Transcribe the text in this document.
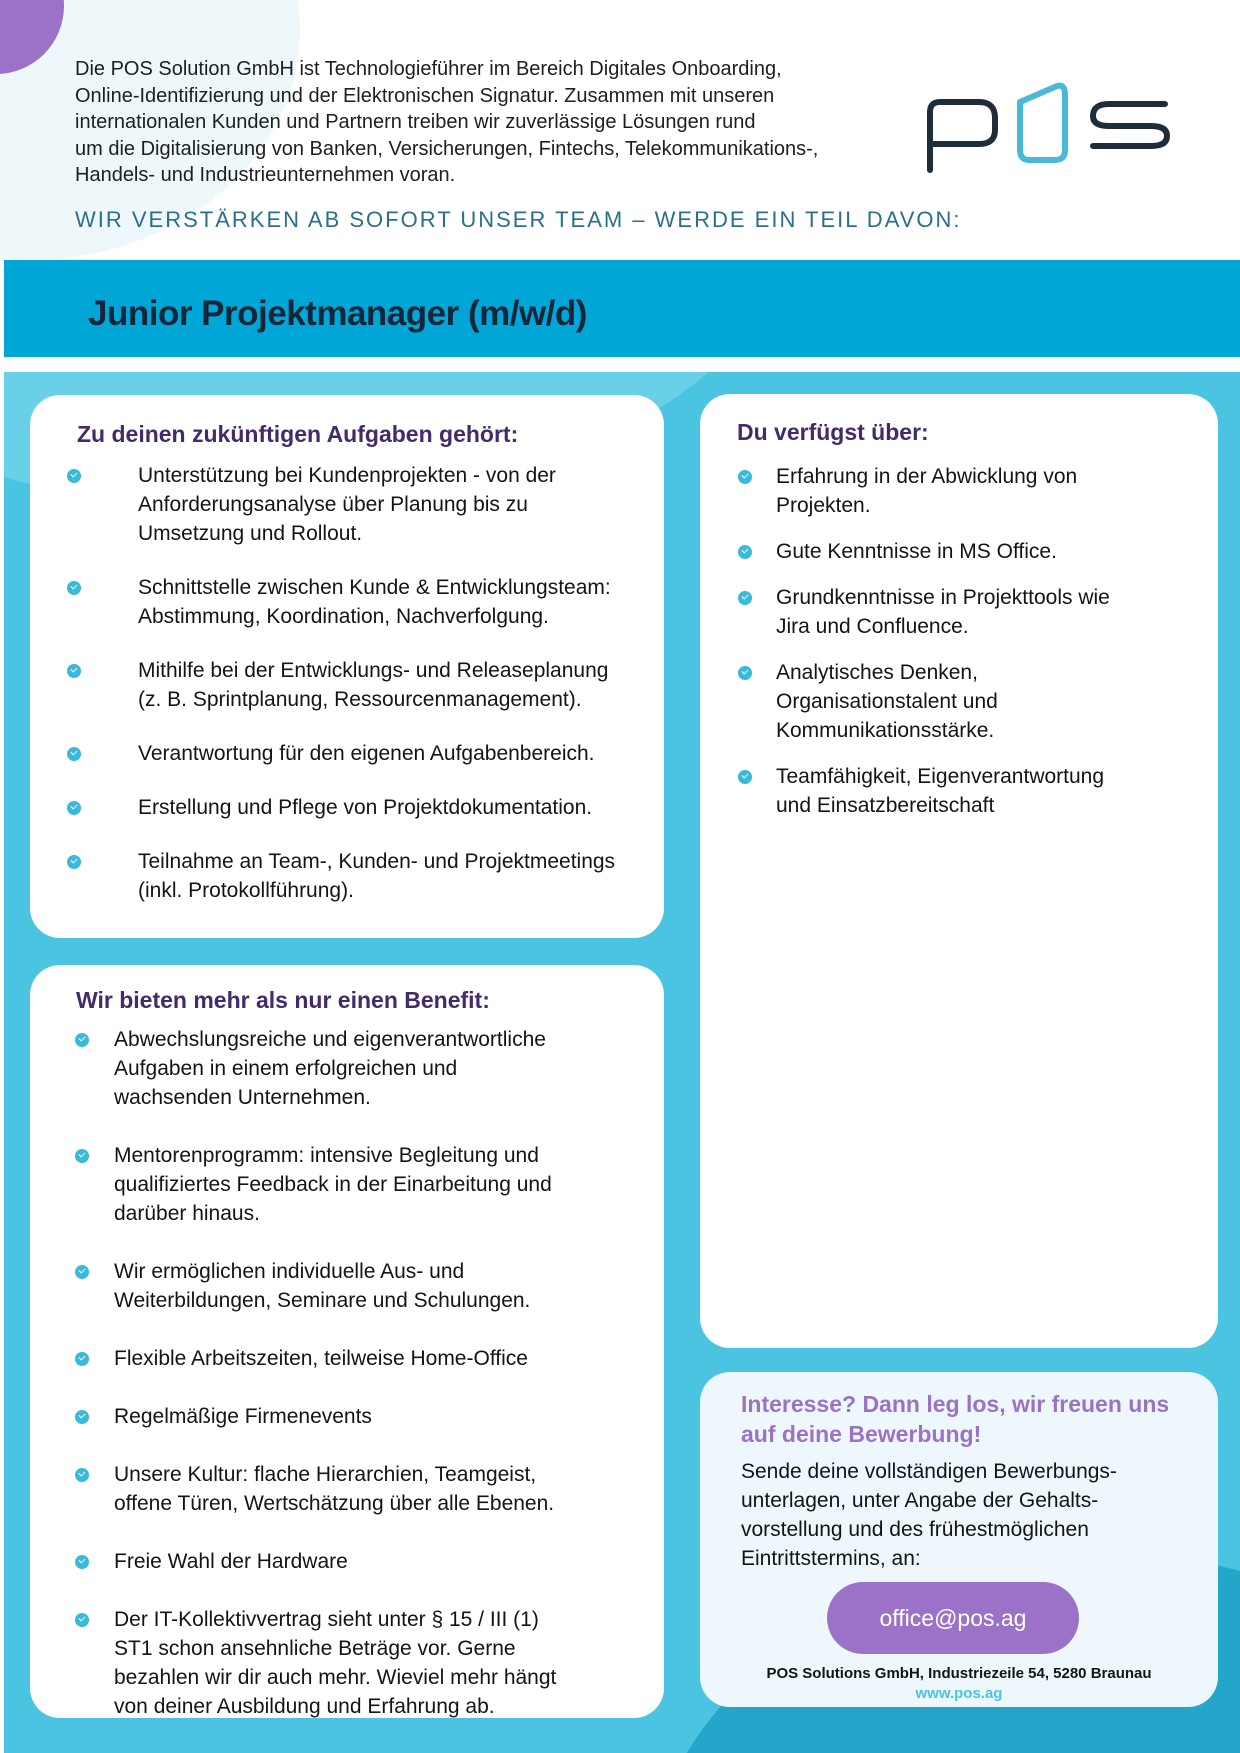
Die POS Solution GmbH ist Technologieführer im Bereich Digitales Onboarding,

Online-Identifizierung und der Elektronischen Signatur. Zusammen mit unseren

internationalen Kunden und Partnern treiben wir zuverlässige Lösungen rund

um die Digitalisierung von Banken, Versicherungen, Fintechs, Telekommunikations-,

Handels- und Industrieunternehmen voran.

WIR VERSTÄRKEN AB SOFORT UNSER TEAM – WERDE EIN TEIL DAVON:
Junior Projektmanager (m/w/d)
Zu deinen zukünftigen Aufgaben gehört:
Unterstützung bei Kundenprojekten ‐ von der
Anforderungsanalyse über Planung bis zu
Umsetzung und Rollout.
Schnittstelle zwischen Kunde & Entwicklungsteam:
Abstimmung, Koordination, Nachverfolgung.
Mithilfe bei der Entwicklungs- und Releaseplanung
(z. B. Sprintplanung, Ressourcenmanagement).
Verantwortung für den eigenen Aufgabenbereich.
Erstellung und Pflege von Projektdokumentation.
Teilnahme an Team-, Kunden- und Projektmeetings
(inkl. Protokollführung).
Du verfügst über:
Erfahrung in der Abwicklung von
Projekten.
Gute Kenntnisse in MS Office.
Grundkenntnisse in Projekttools wie
Jira und Confluence.
Analytisches Denken,
Organisationstalent und
Kommunikationsstärke.
Teamfähigkeit, Eigenverantwortung
und Einsatzbereitschaft
Wir bieten mehr als nur einen Benefit:
Abwechslungsreiche und eigenverantwortliche
Aufgaben in einem erfolgreichen und
wachsenden Unternehmen.
Mentorenprogramm: intensive Begleitung und
qualifiziertes Feedback in der Einarbeitung und
darüber hinaus.
Wir ermöglichen individuelle Aus- und
Weiterbildungen, Seminare und Schulungen.
Flexible Arbeitszeiten, teilweise Home-Office
Regelmäßige Firmenevents
Unsere Kultur: flache Hierarchien, Teamgeist,
offene Türen, Wertschätzung über alle Ebenen.
Freie Wahl der Hardware
Der IT-Kollektivvertrag sieht unter § 15 / III (1)
ST1 schon ansehnliche Beträge vor. Gerne
bezahlen wir dir auch mehr. Wieviel mehr hängt
von deiner Ausbildung und Erfahrung ab.
Interesse? Dann leg los, wir freuen uns auf deine Bewerbung!
Sende deine vollständigen Bewerbungs-
unterlagen, unter Angabe der Gehalts-
vorstellung und des frühestmöglichen
Eintrittstermins, an:
office@pos.ag
POS Solutions GmbH, Industriezeile 54, 5280 Braunau
www.pos.ag
